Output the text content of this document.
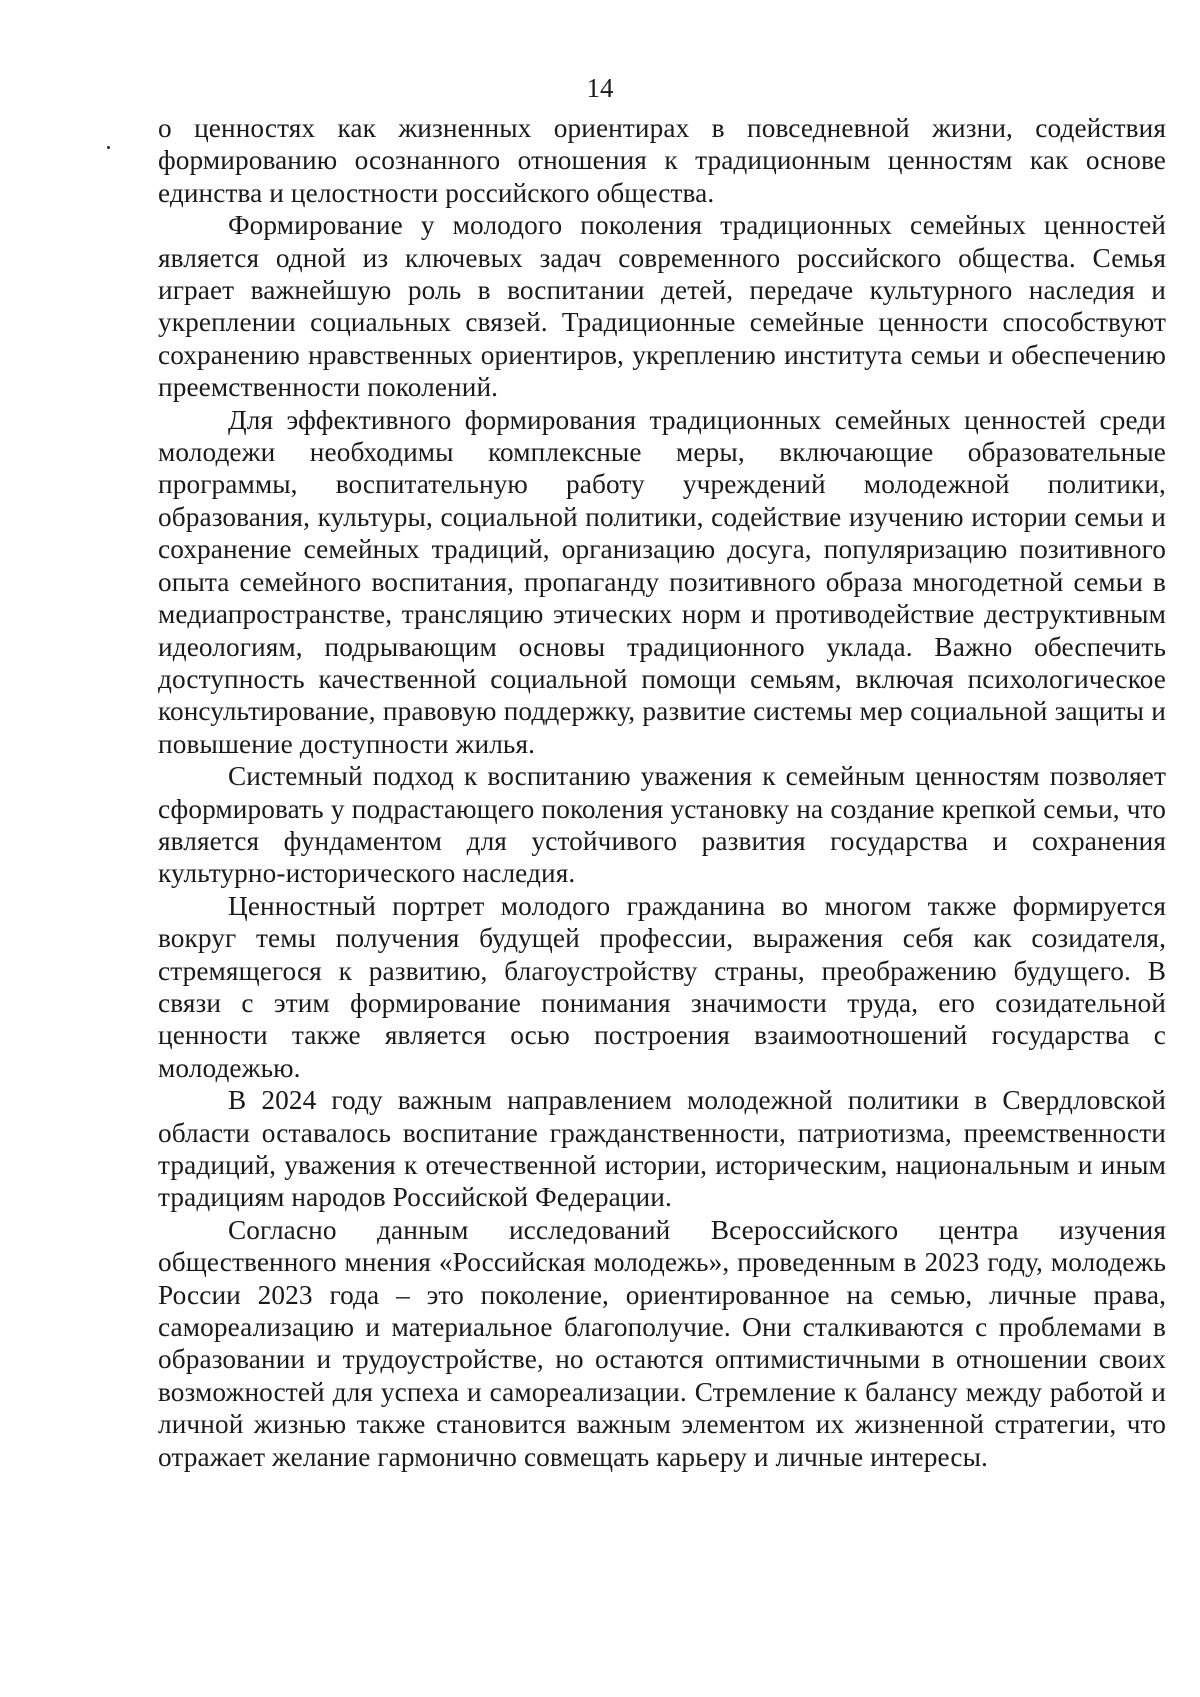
14

о ценностях как жизненных ориентирах в повседневной жизни, содействия формированию осознанного отношения к традиционным ценностям как основе единства и целостности российского общества.

Формирование у молодого поколения традиционных семейных ценностей является одной из ключевых задач современного российского общества. Семья играет важнейшую роль в воспитании детей, передаче культурного наследия и укреплении социальных связей. Традиционные семейные ценности способствуют сохранению нравственных ориентиров, укреплению института семьи и обеспечению преемственности поколений.

Для эффективного формирования традиционных семейных ценностей среди молодежи необходимы комплексные меры, включающие образовательные программы, воспитательную работу учреждений молодежной политики, образования, культуры, социальной политики, содействие изучению истории семьи и сохранение семейных традиций, организацию досуга, популяризацию позитивного опыта семейного воспитания, пропаганду позитивного образа многодетной семьи в медиапространстве, трансляцию этических норм и противодействие деструктивным идеологиям, подрывающим основы традиционного уклада. Важно обеспечить доступность качественной социальной помощи семьям, включая психологическое консультирование, правовую поддержку, развитие системы мер социальной защиты и повышение доступности жилья.

Системный подход к воспитанию уважения к семейным ценностям позволяет сформировать у подрастающего поколения установку на создание крепкой семьи, что является фундаментом для устойчивого развития государства и сохранения культурно-исторического наследия.

Ценностный портрет молодого гражданина во многом также формируется вокруг темы получения будущей профессии, выражения себя как созидателя, стремящегося к развитию, благоустройству страны, преображению будущего. В связи с этим формирование понимания значимости труда, его созидательной ценности также является осью построения взаимоотношений государства с молодежью.

В 2024 году важным направлением молодежной политики в Свердловской области оставалось воспитание гражданственности, патриотизма, преемственности традиций, уважения к отечественной истории, историческим, национальным и иным традициям народов Российской Федерации.

Согласно данным исследований Всероссийского центра изучения общественного мнения «Российская молодежь», проведенным в 2023 году, молодежь России 2023 года – это поколение, ориентированное на семью, личные права, самореализацию и материальное благополучие. Они сталкиваются с проблемами в образовании и трудоустройстве, но остаются оптимистичными в отношении своих возможностей для успеха и самореализации. Стремление к балансу между работой и личной жизнью также становится важным элементом их жизненной стратегии, что отражает желание гармонично совмещать карьеру и личные интересы.
